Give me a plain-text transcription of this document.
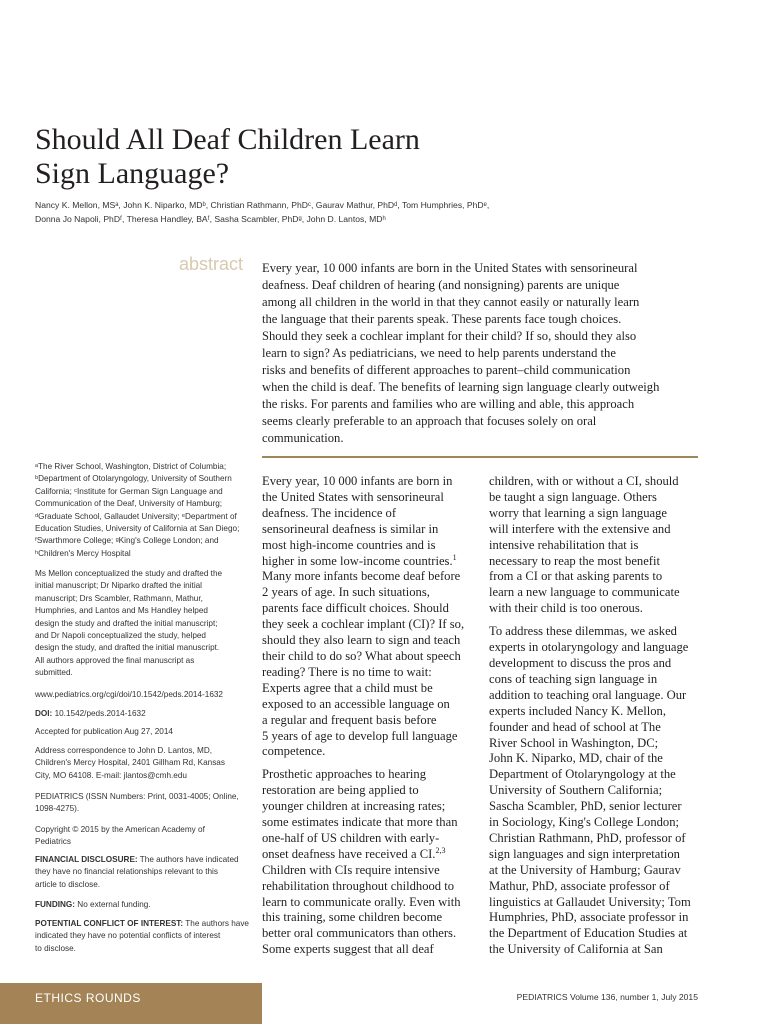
Should All Deaf Children Learn
Sign Language?
Nancy K. Mellon, MSᵃ, John K. Niparko, MDᵇ, Christian Rathmann, PhDᶜ, Gaurav Mathur, PhDᵈ, Tom Humphries, PhDᵉ,
Donna Jo Napoli, PhDᶠ, Theresa Handley, BAᶠ, Sasha Scambler, PhDᵍ, John D. Lantos, MDʰ
abstract Every year, 10 000 infants are born in the United States with sensorineural
deafness. Deaf children of hearing (and nonsigning) parents are unique
among all children in the world in that they cannot easily or naturally learn
the language that their parents speak. These parents face tough choices.
Should they seek a cochlear implant for their child? If so, should they also
learn to sign? As pediatricians, we need to help parents understand the
risks and benefits of different approaches to parent–child communication
when the child is deaf. The benefits of learning sign language clearly outweigh
the risks. For parents and families who are willing and able, this approach
seems clearly preferable to an approach that focuses solely on oral
communication.
ᵃThe River School, Washington, District of Columbia;
ᵇDepartment of Otolaryngology, University of Southern
California; ᶜInstitute for German Sign Language and
Communication of the Deaf, University of Hamburg;
ᵈGraduate School, Gallaudet University; ᵉDepartment of
Education Studies, University of California at San Diego;
ᶠSwarthmore College; ᵍKing's College London; and
ʰChildren's Mercy Hospital
Ms Mellon conceptualized the study and drafted the
initial manuscript; Dr Niparko drafted the initial
manuscript; Drs Scambler, Rathmann, Mathur,
Humphries, and Lantos and Ms Handley helped
design the study and drafted the initial manuscript;
and Dr Napoli conceptualized the study, helped
design the study, and drafted the initial manuscript.
All authors approved the final manuscript as
submitted.
www.pediatrics.org/cgi/doi/10.1542/peds.2014-1632
DOI: 10.1542/peds.2014-1632
Accepted for publication Aug 27, 2014
Address correspondence to John D. Lantos, MD,
Children's Mercy Hospital, 2401 Gillham Rd, Kansas
City, MO 64108. E-mail: jlantos@cmh.edu
PEDIATRICS (ISSN Numbers: Print, 0031-4005; Online,
1098-4275).
Copyright © 2015 by the American Academy of
Pediatrics
FINANCIAL DISCLOSURE: The authors have indicated
they have no financial relationships relevant to this
article to disclose.
FUNDING: No external funding.
POTENTIAL CONFLICT OF INTEREST: The authors have
indicated they have no potential conflicts of interest
to disclose.
Every year, 10 000 infants are born in
the United States with sensorineural
deafness. The incidence of
sensorineural deafness is similar in
most high-income countries and is
higher in some low-income countries.$^1$
Many more infants become deaf before
2 years of age. In such situations,
parents face difficult choices. Should
they seek a cochlear implant (CI)? If so,
should they also learn to sign and teach
their child to do so? What about speech
reading? There is no time to wait:
Experts agree that a child must be
exposed to an accessible language on
a regular and frequent basis before
5 years of age to develop full language
competence.
Prosthetic approaches to hearing
restoration are being applied to
younger children at increasing rates;
some estimates indicate that more than
one-half of US children with early-
onset deafness have received a CI.$^{2,3}$
Children with CIs require intensive
rehabilitation throughout childhood to
learn to communicate orally. Even with
this training, some children become
better oral communicators than others.
Some experts suggest that all deaf
children, with or without a CI, should
be taught a sign language. Others
worry that learning a sign language
will interfere with the extensive and
intensive rehabilitation that is
necessary to reap the most benefit
from a CI or that asking parents to
learn a new language to communicate
with their child is too onerous.
To address these dilemmas, we asked
experts in otolaryngology and language
development to discuss the pros and
cons of teaching sign language in
addition to teaching oral language. Our
experts included Nancy K. Mellon,
founder and head of school at The
River School in Washington, DC;
John K. Niparko, MD, chair of the
Department of Otolaryngology at the
University of Southern California;
Sascha Scambler, PhD, senior lecturer
in Sociology, King's College London;
Christian Rathmann, PhD, professor of
sign languages and sign interpretation
at the University of Hamburg; Gaurav
Mathur, PhD, associate professor of
linguistics at Gallaudet University; Tom
Humphries, PhD, associate professor in
the Department of Education Studies at
the University of California at San
ETHICS ROUNDS	PEDIATRICS Volume 136, number 1, July 2015
